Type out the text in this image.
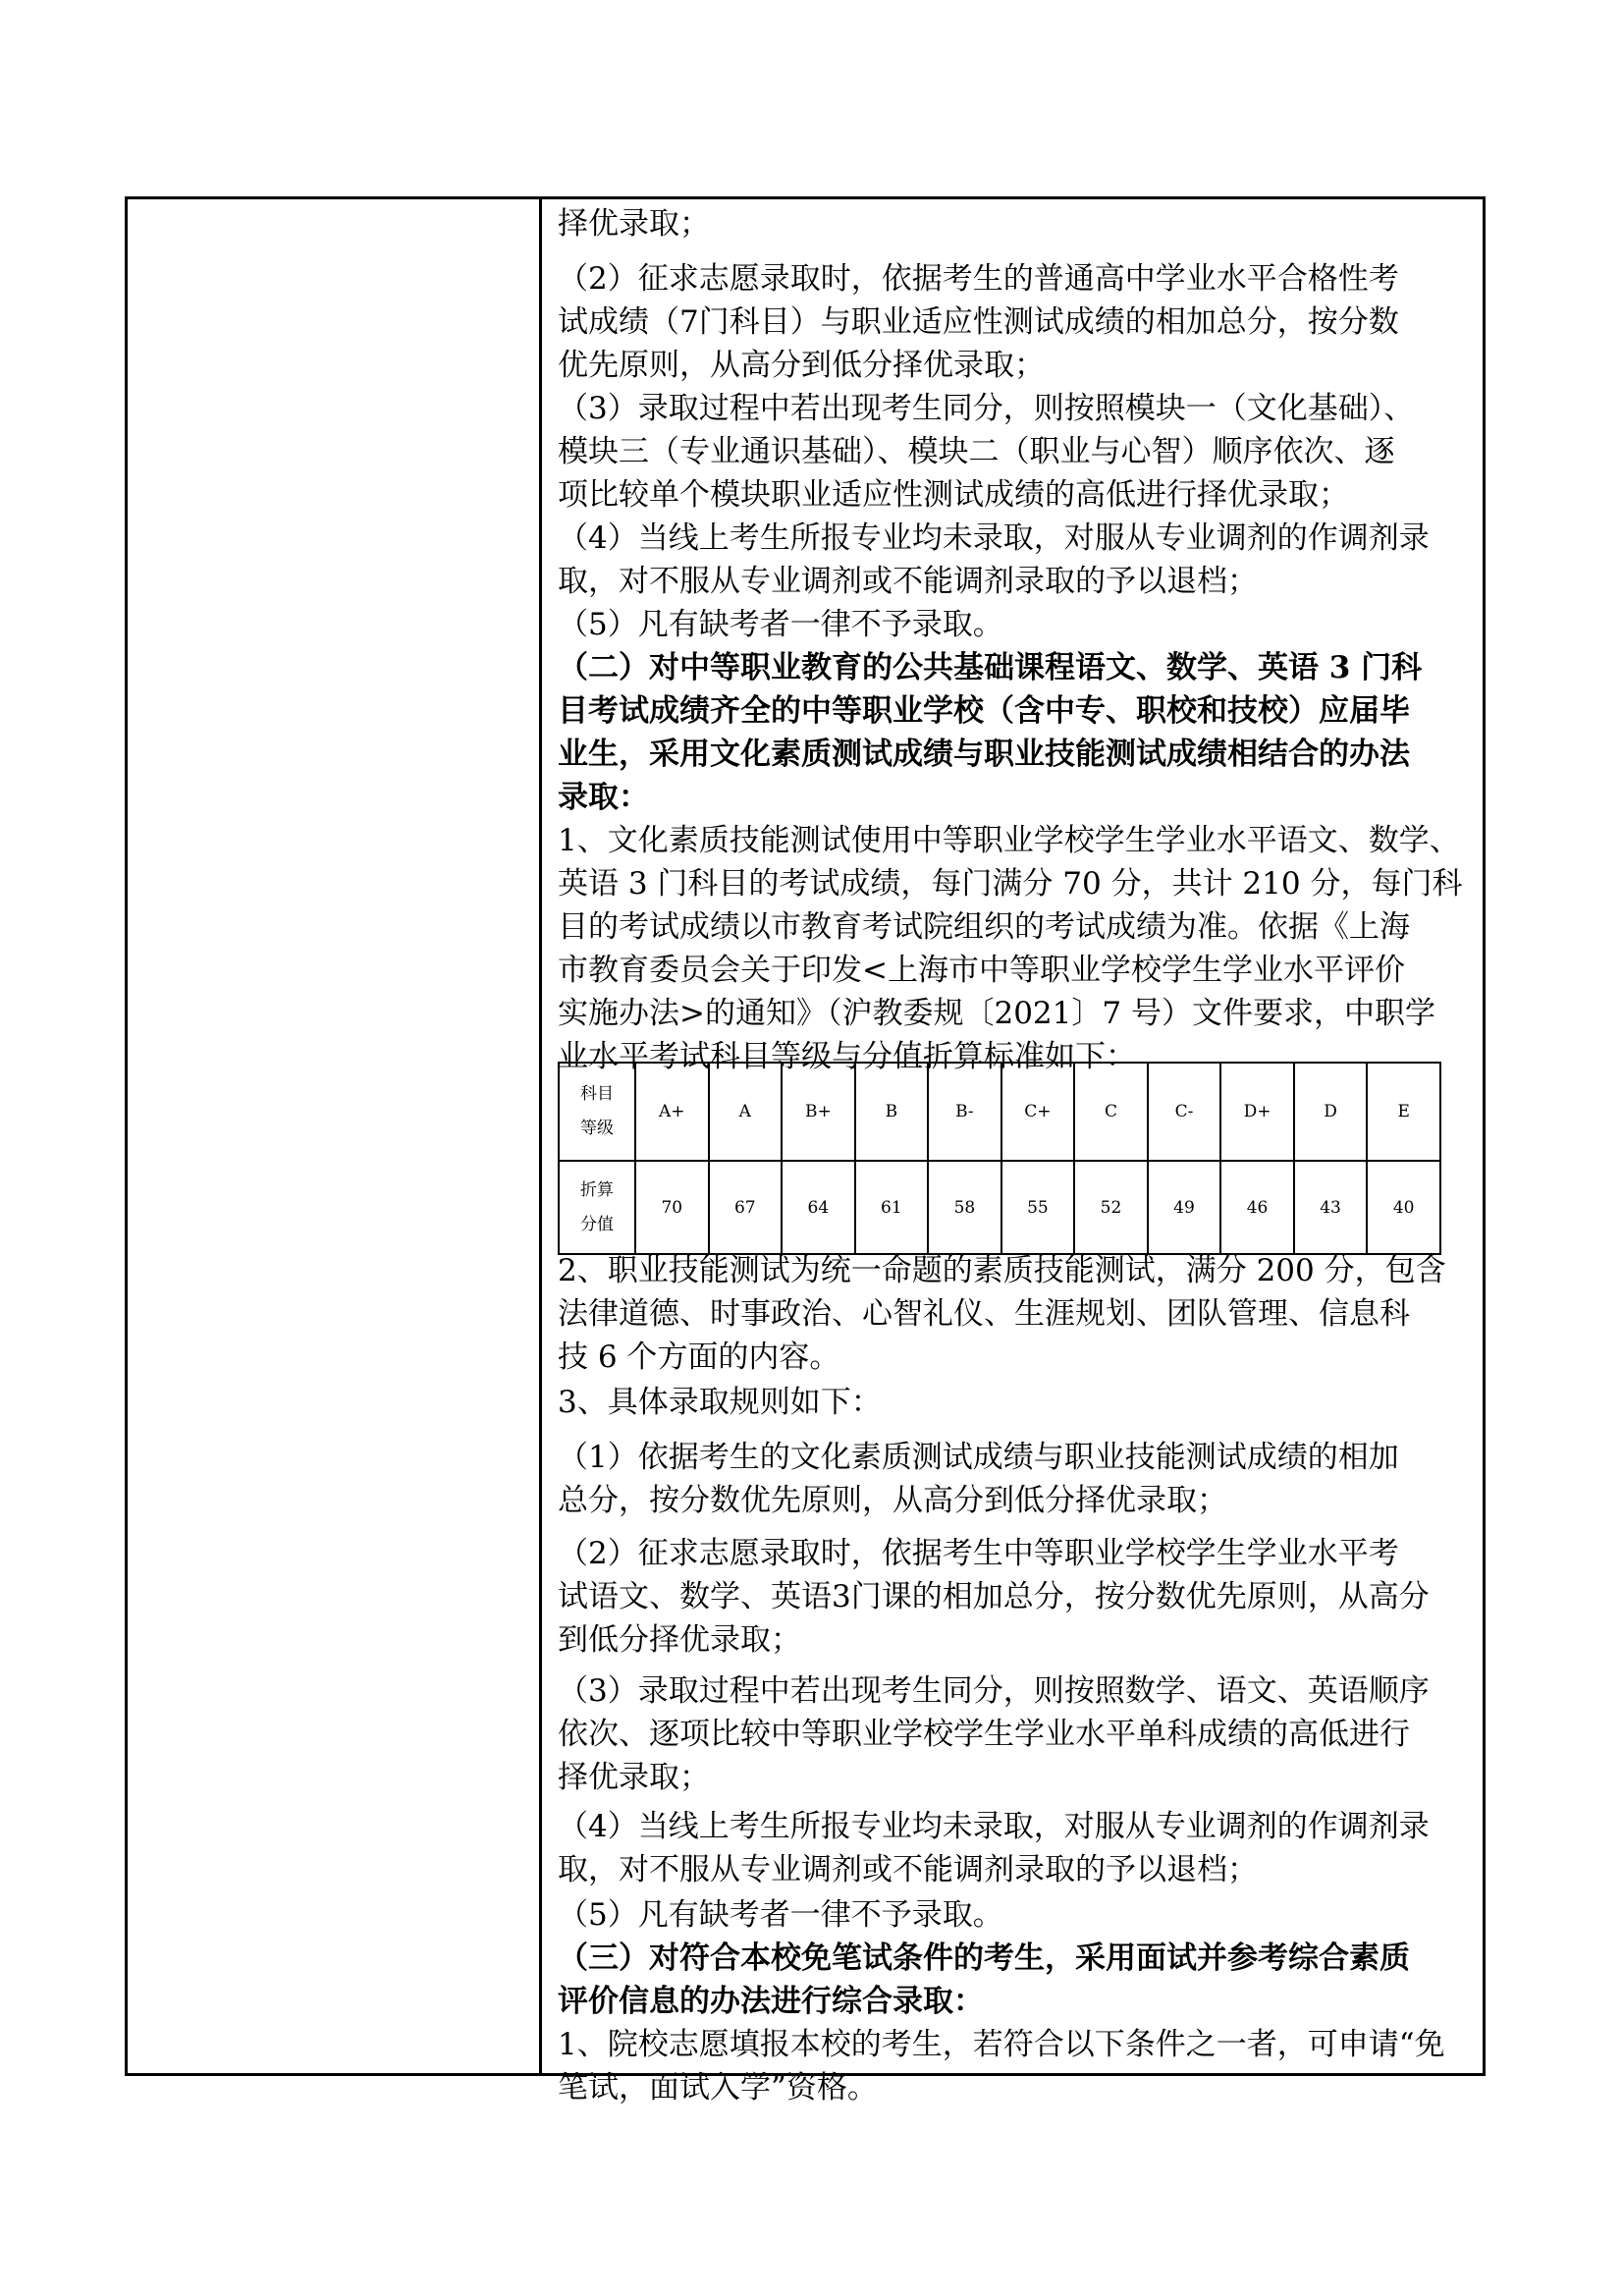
择优录取；

（2）征求志愿录取时，依据考生的普通高中学业水平合格性考

试成绩（7门科目）与职业适应性测试成绩的相加总分，按分数

优先原则，从高分到低分择优录取；

（3）录取过程中若出现考生同分，则按照模块一（文化基础）、

模块三（专业通识基础）、模块二（职业与心智）顺序依次、逐

项比较单个模块职业适应性测试成绩的高低进行择优录取；

（4）当线上考生所报专业均未录取，对服从专业调剂的作调剂录

取，对不服从专业调剂或不能调剂录取的予以退档；

（5）凡有缺考者一律不予录取。

（二）对中等职业教育的公共基础课程语文、数学、英语 3 门科

目考试成绩齐全的中等职业学校（含中专、职校和技校）应届毕

业生，采用文化素质测试成绩与职业技能测试成绩相结合的办法

录取：

1、文化素质技能测试使用中等职业学校学生学业水平语文、数学、

英语 3 门科目的考试成绩，每门满分 70 分，共计 210 分，每门科

目的考试成绩以市教育考试院组织的考试成绩为准。依据《上海

市教育委员会关于印发<上海市中等职业学校学生学业水平评价

实施办法>的通知》（沪教委规〔2021〕7 号）文件要求，中职学

业水平考试科目等级与分值折算标准如下：

科目
等级	A+	A	B+	B	B-	C+	C	C-	D+	D	E
折算
分值	70	67	64	61	58	55	52	49	46	43	40

2、职业技能测试为统一命题的素质技能测试，满分 200 分，包含

法律道德、时事政治、心智礼仪、生涯规划、团队管理、信息科

技 6 个方面的内容。

3、具体录取规则如下：

（1）依据考生的文化素质测试成绩与职业技能测试成绩的相加

总分，按分数优先原则，从高分到低分择优录取；

（2）征求志愿录取时，依据考生中等职业学校学生学业水平考

试语文、数学、英语3门课的相加总分，按分数优先原则，从高分

到低分择优录取；

（3）录取过程中若出现考生同分，则按照数学、语文、英语顺序

依次、逐项比较中等职业学校学生学业水平单科成绩的高低进行

择优录取；

（4）当线上考生所报专业均未录取，对服从专业调剂的作调剂录

取，对不服从专业调剂或不能调剂录取的予以退档；

（5）凡有缺考者一律不予录取。

（三）对符合本校免笔试条件的考生，采用面试并参考综合素质

评价信息的办法进行综合录取：

1、院校志愿填报本校的考生，若符合以下条件之一者，可申请“免

笔试，面试入学”资格。
